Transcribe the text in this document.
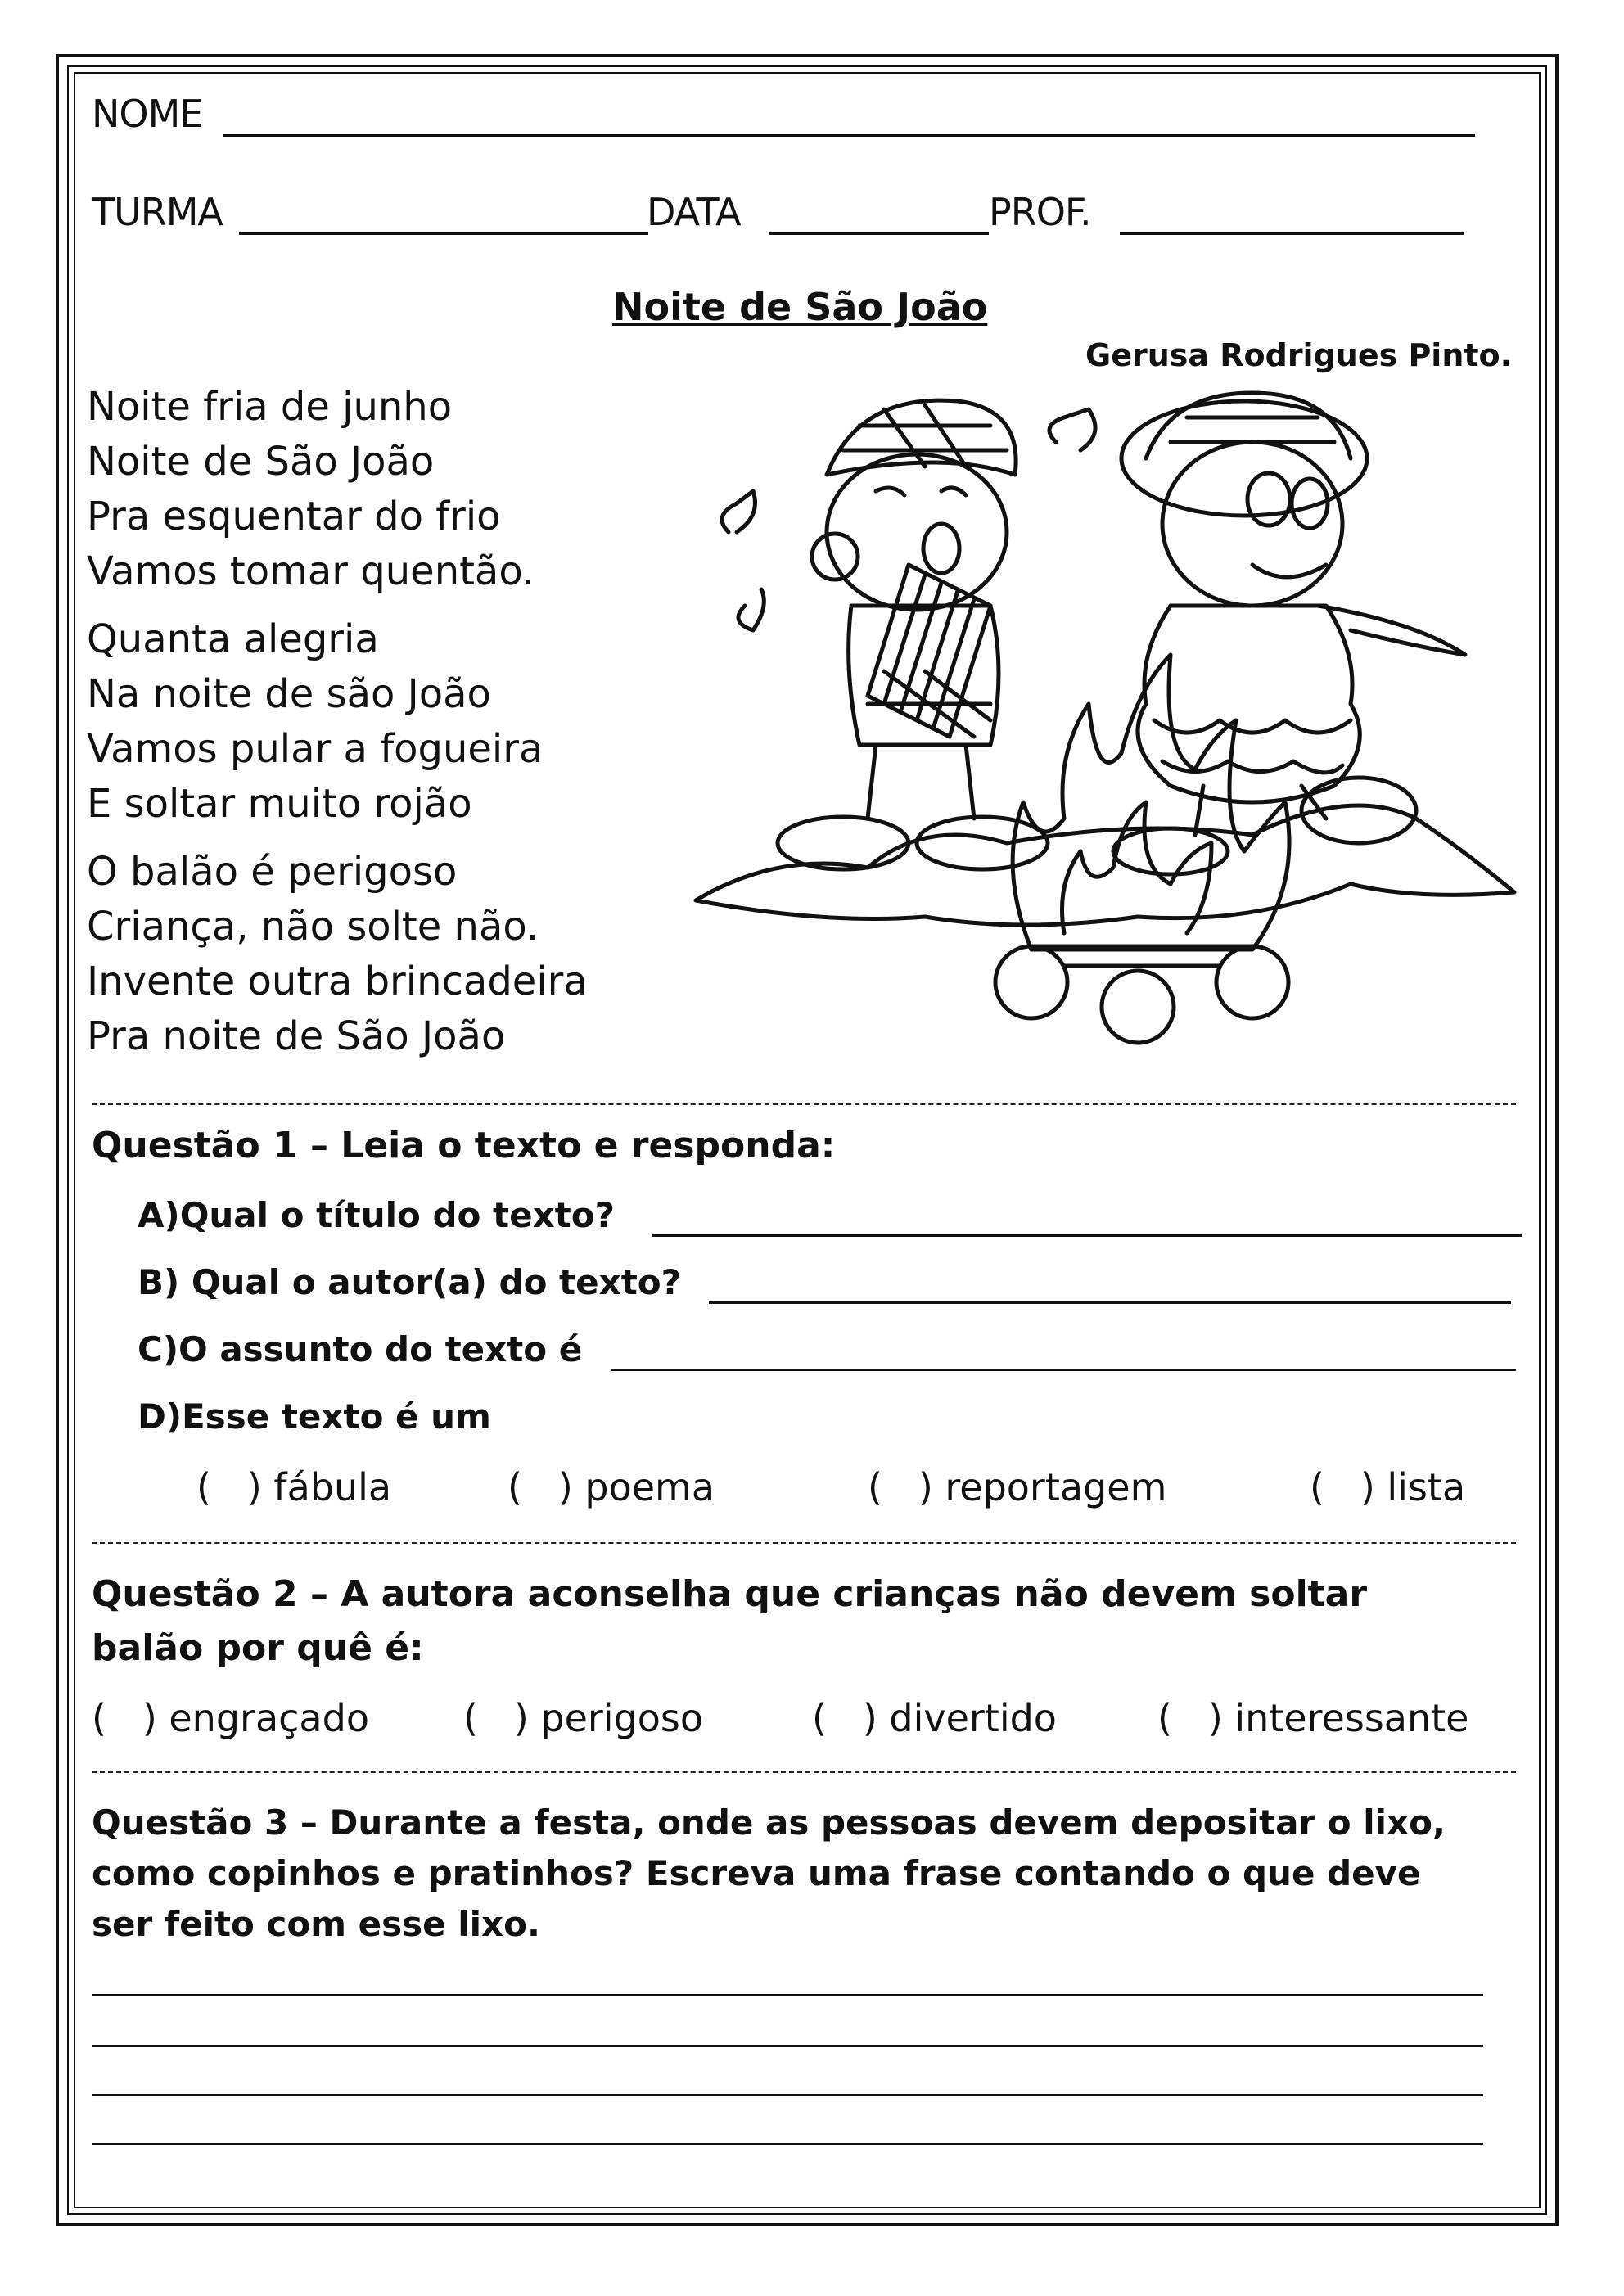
NOME
TURMA	DATA	PROF.
Noite de São João
Gerusa Rodrigues Pinto.
Noite fria de junho
Noite de São João
Pra esquentar do frio
Vamos tomar quentão.
Quanta alegria
Na noite de são João
Vamos pular a fogueira
E soltar muito rojão
O balão é perigoso
Criança, não solte não.
Invente outra brincadeira
Pra noite de São João
Questão 1 – Leia o texto e responda:
A)Qual o título do texto?
B) Qual o autor(a) do texto?
C)O assunto do texto é
D)Esse texto é um
(   ) fábula	(   ) poema	(   ) reportagem	(   ) lista
Questão 2 – A autora aconselha que crianças não devem soltar
balão por quê é:
(   ) engraçado	(   ) perigoso	(   ) divertido	(   ) interessante
Questão 3 – Durante a festa, onde as pessoas devem depositar o lixo,
como copinhos e pratinhos? Escreva uma frase contando o que deve
ser feito com esse lixo.
